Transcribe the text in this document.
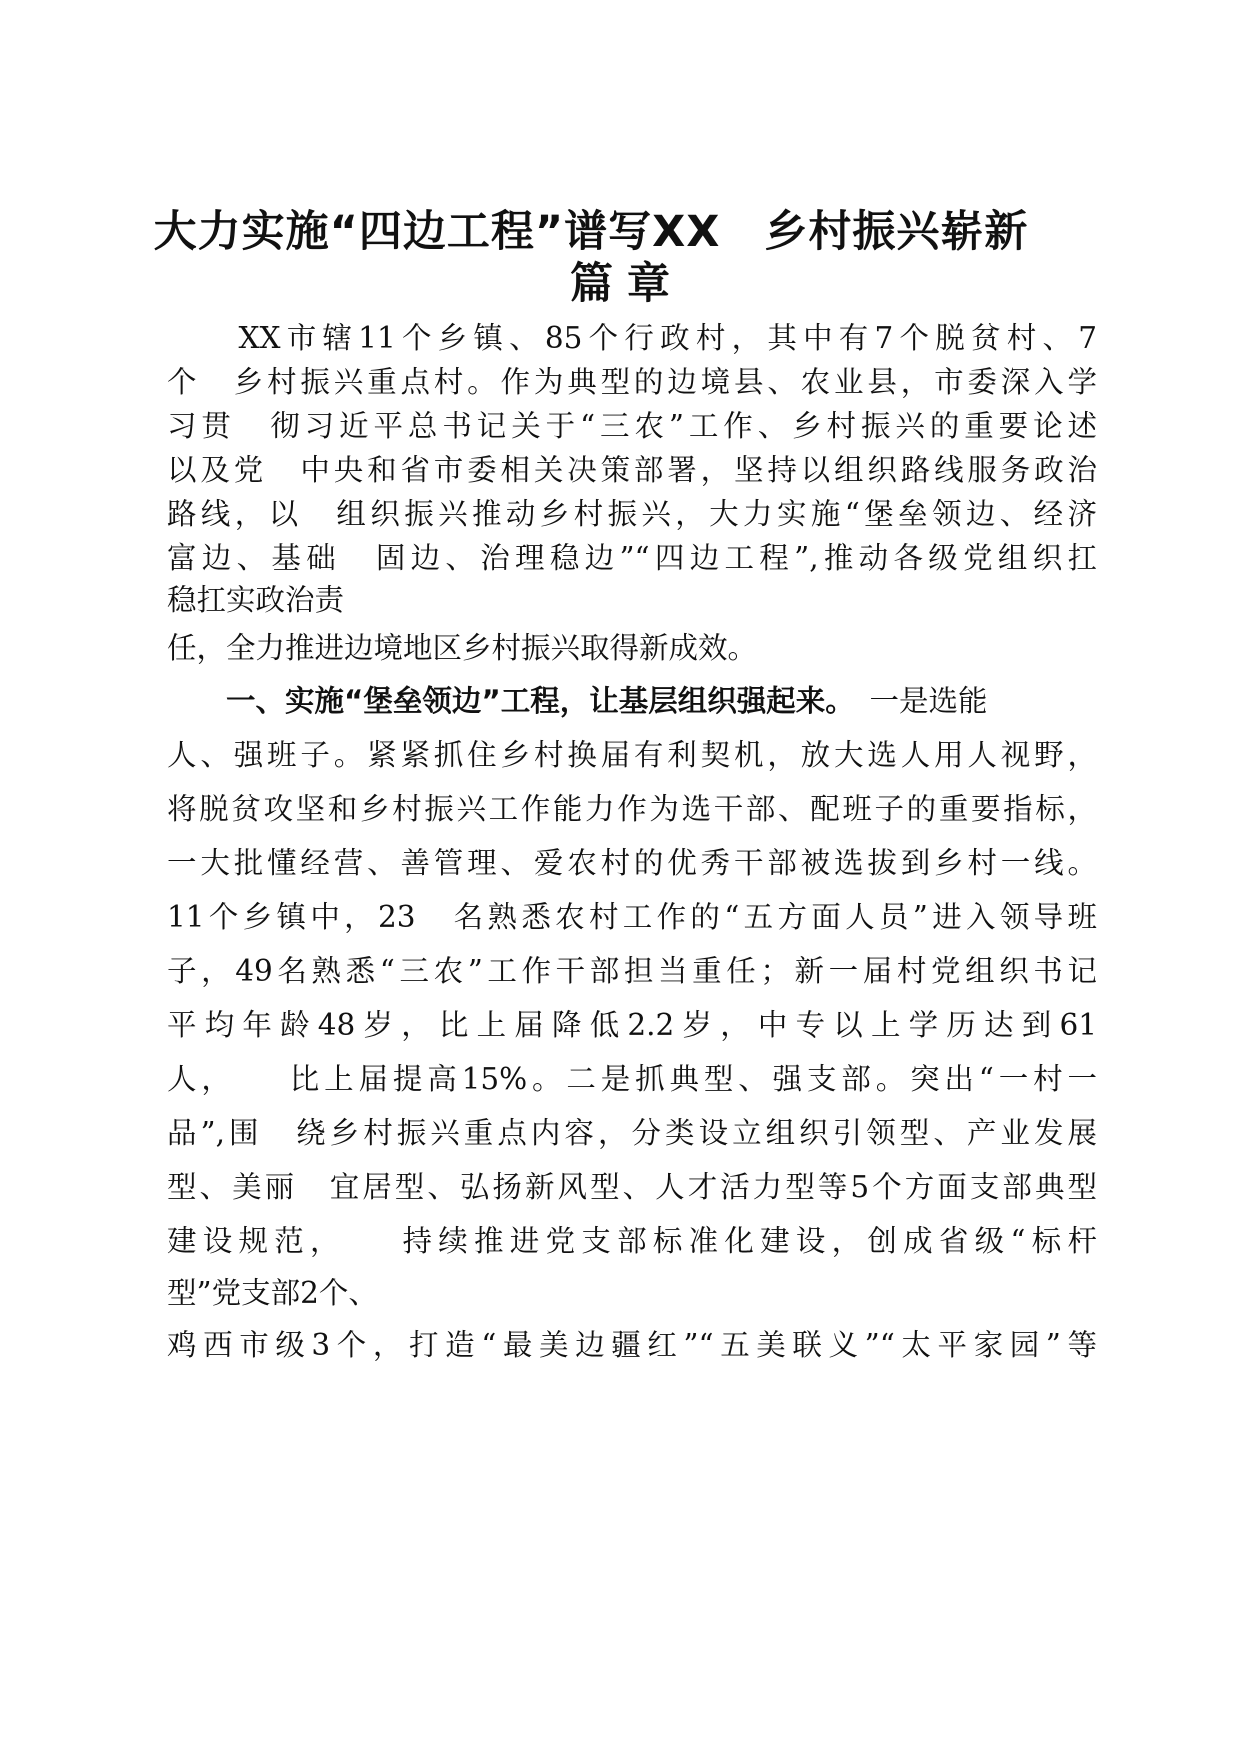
大力实施“四边工程”谱写XX　乡村振兴崭新
篇章
　　XX市辖11个乡镇、85个行政村，其中有7个脱贫村、7
个　乡村振兴重点村。作为典型的边境县、农业县，市委深入学
习贯　彻习近平总书记关于“三农”工作、乡村振兴的重要论述
以及党　中央和省市委相关决策部署，坚持以组织路线服务政治
路线，以　组织振兴推动乡村振兴，大力实施“堡垒领边、经济
富边、基础　固边、治理稳边”“四边工程”,推动各级党组织扛
稳扛实政治责
任，全力推进边境地区乡村振兴取得新成效。
　　一、实施“堡垒领边”工程，让基层组织强起来。　一是选能
人、强班子。紧紧抓住乡村换届有利契机，放大选人用人视野，
将脱贫攻坚和乡村振兴工作能力作为选干部、配班子的重要指标，
一大批懂经营、善管理、爱农村的优秀干部被选拔到乡村一线。
11个乡镇中，23　名熟悉农村工作的“五方面人员”进入领导班
子，49名熟悉“三农”工作干部担当重任；新一届村党组织书记
平均年龄48岁，比上届降低2.2岁，中专以上学历达到61
人，　　比上届提高15%。二是抓典型、强支部。突出“一村一
品”,围　绕乡村振兴重点内容，分类设立组织引领型、产业发展
型、美丽　宜居型、弘扬新风型、人才活力型等5个方面支部典型
建设规范，　　持续推进党支部标准化建设，创成省级“标杆
型”党支部2个、
鸡西市级3个，打造“最美边疆红”“五美联义”“太平家园”等
